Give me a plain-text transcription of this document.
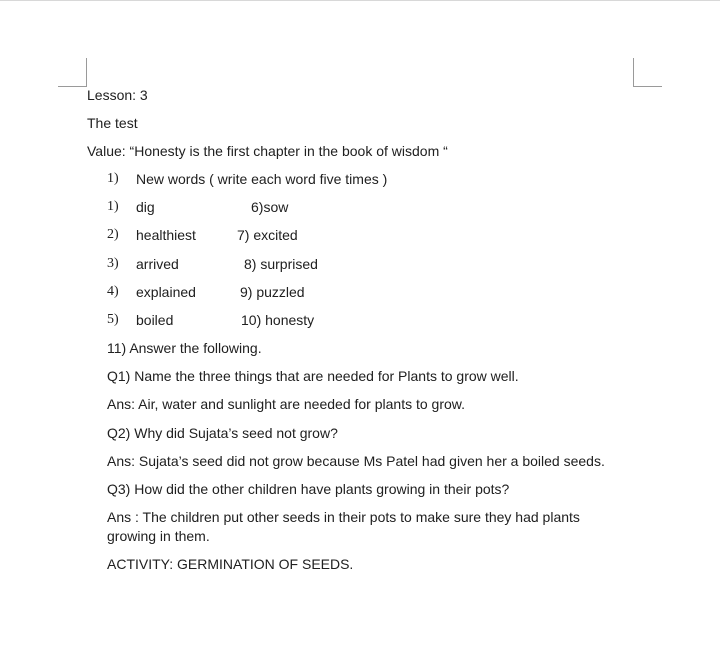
Lesson: 3
The test
Value: “Honesty is the first chapter in the book of wisdom “
1) New words ( write each word five times )
1) dig	6)sow
2) healthiest	7) excited
3) arrived	8) surprised
4) explained	9) puzzled
5) boiled	10) honesty
11) Answer the following.
Q1) Name the three things that are needed for Plants to grow well.
Ans: Air, water and sunlight are needed for plants to grow.
Q2) Why did Sujata’s seed not grow?
Ans: Sujata’s seed did not grow because Ms Patel had given her a boiled seeds.
Q3) How did the other children have plants growing in their pots?
Ans : The children put other seeds in their pots to make sure they had plants growing in them.
ACTIVITY: GERMINATION OF SEEDS.
